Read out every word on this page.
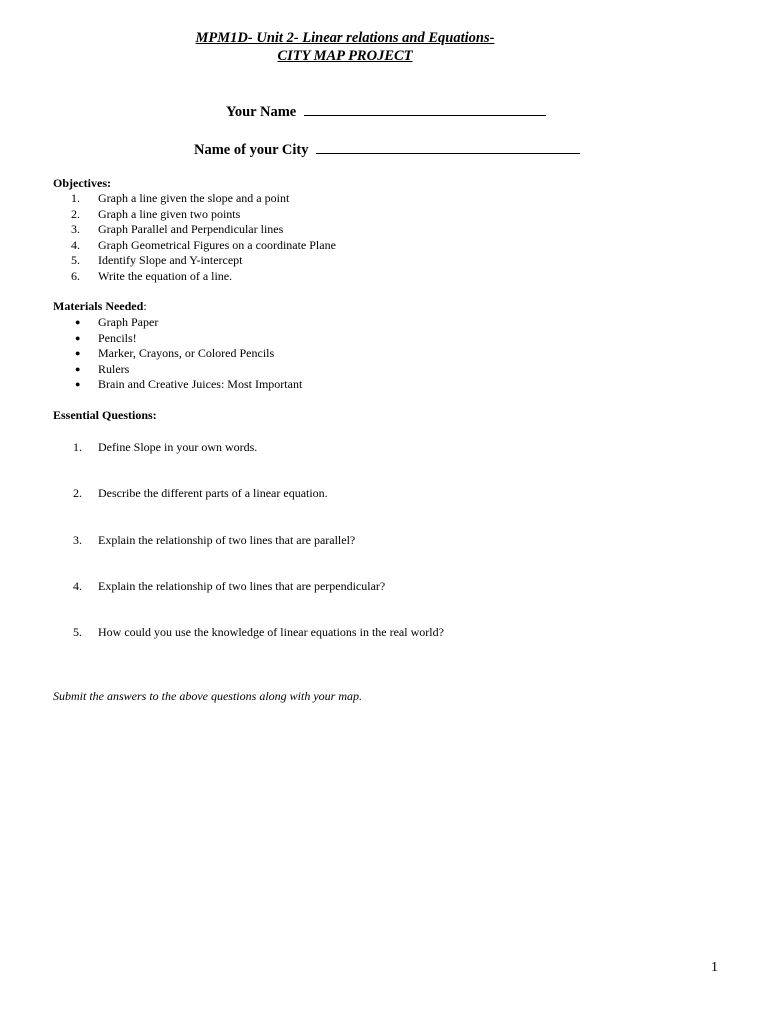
MPM1D- Unit 2- Linear relations and Equations-
CITY MAP PROJECT
Your Name
Name of your City
Objectives:
1.	Graph a line given the slope and a point
2.	Graph a line given two points
3.	Graph Parallel and Perpendicular lines
4.	Graph Geometrical Figures on a coordinate Plane
5.	Identify Slope and Y-intercept
6.	Write the equation of a line.
Materials Needed:
● Graph Paper
● Pencils!
● Marker, Crayons, or Colored Pencils
● Rulers
● Brain and Creative Juices: Most Important
Essential Questions:
1. Define Slope in your own words.
2. Describe the different parts of a linear equation.
3. Explain the relationship of two lines that are parallel?
4. Explain the relationship of two lines that are perpendicular?
5. How could you use the knowledge of linear equations in the real world?
Submit the answers to the above questions along with your map.
1
